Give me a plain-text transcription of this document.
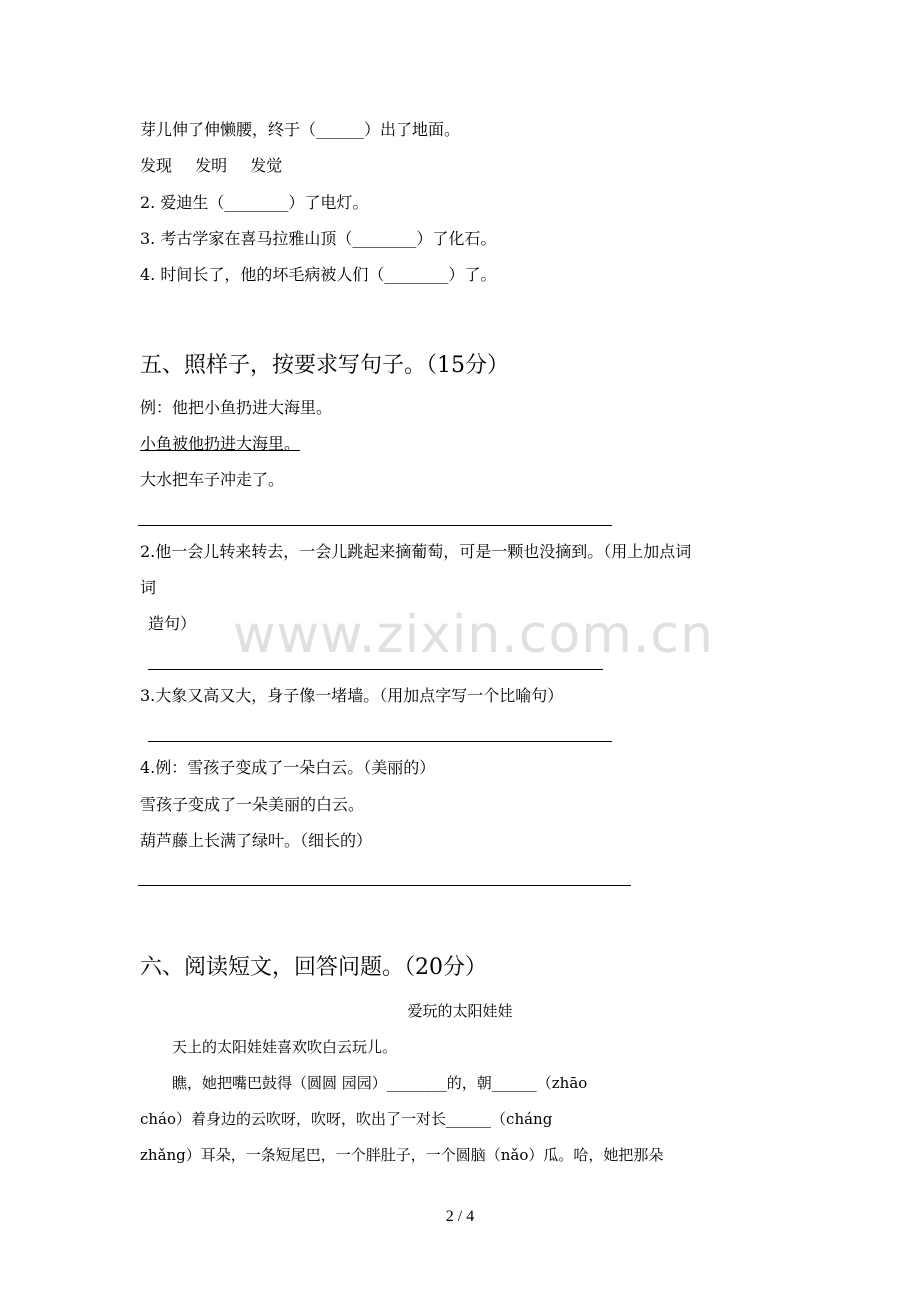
www.zixin.com.cn
芽儿伸了伸懒腰，终于（______）出了地面。
发现 发明 发觉
2. 爱迪生（________）了电灯。
3. 考古学家在喜马拉雅山顶（________）了化石。
4. 时间长了，他的坏毛病被人们（________）了。
五、照样子，按要求写句子。（15分）
例：他把小鱼扔进大海里。
小鱼被他扔进大海里。
大水把车子冲走了。
2.他一会儿转来转去，一会儿跳起来摘葡萄，可是一颗也没摘到。（用上加点词
词
造句）
3.大象又高又大，身子像一堵墙。（用加点字写一个比喻句）
4.例：雪孩子变成了一朵白云。（美丽的）
雪孩子变成了一朵美丽的白云。
葫芦藤上长满了绿叶。（细长的）
六、阅读短文，回答问题。（20分）
爱玩的太阳娃娃
天上的太阳娃娃喜欢吹白云玩儿。
瞧，她把嘴巴鼓得（圆圆 园园）________的，朝______（zhāo
cháo）着身边的云吹呀，吹呀，吹出了一对长______（cháng
zhǎng）耳朵，一条短尾巴，一个胖肚子，一个圆脑（nǎo）瓜。哈，她把那朵
2 / 4
